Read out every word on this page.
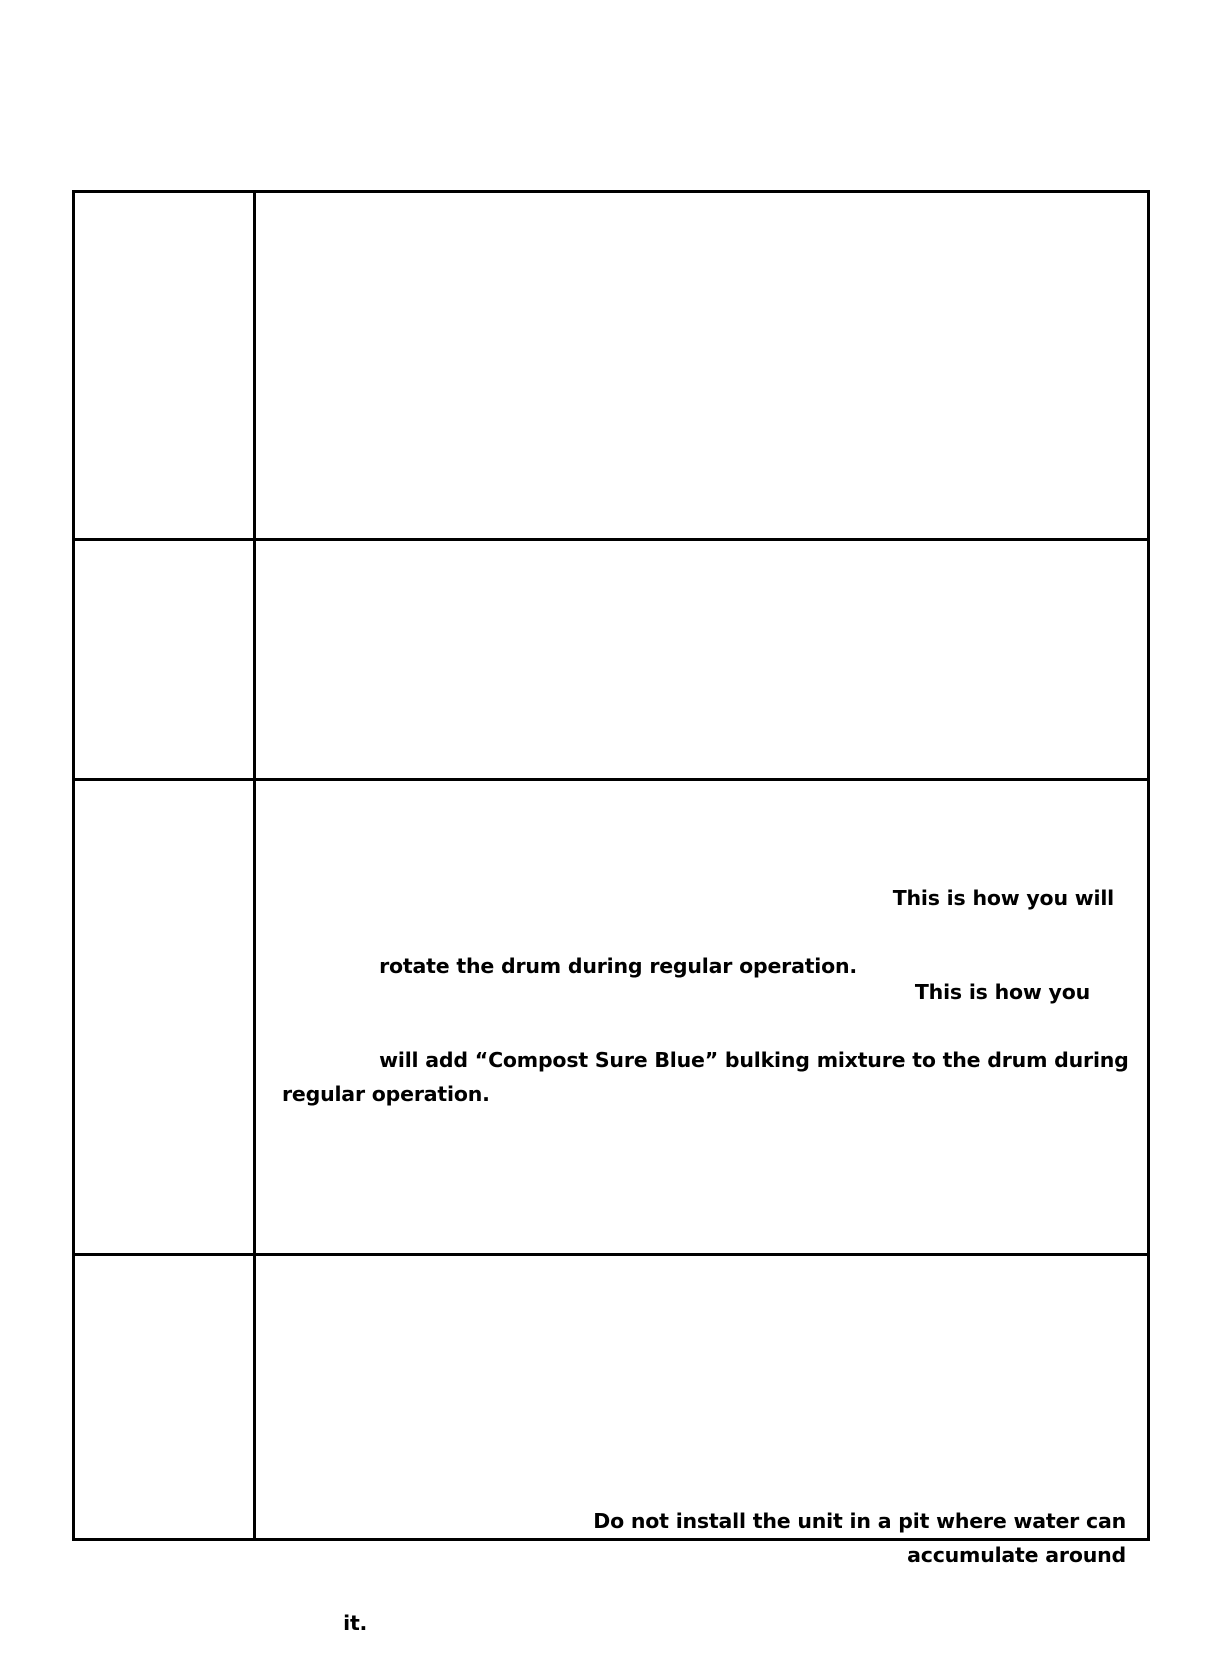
	This is how you will

rotate the drum during regular operation.

This is how you

will add “Compost Sure Blue” bulking mixture to the drum during regular operation.

	Do not install the unit in a pit where water can accumulate around

it.
